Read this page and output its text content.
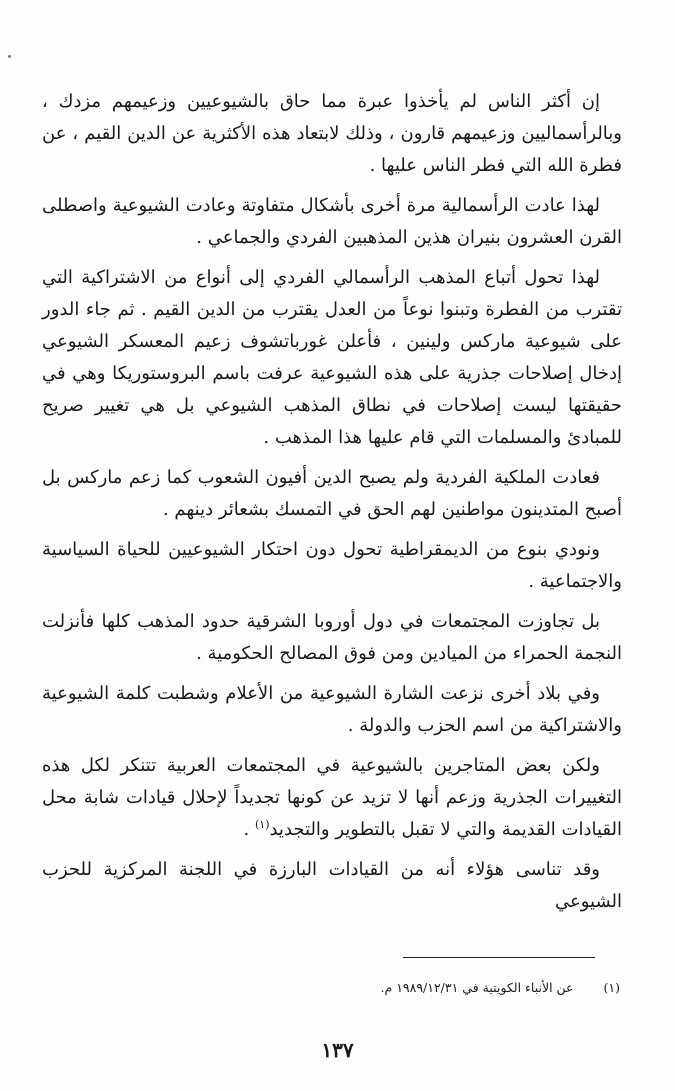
إن أكثر الناس لم يأخذوا عبرة مما حاق بالشيوعيين وزعيمهم مزدك ، وبالرأسماليين وزعيمهم قارون ، وذلك لابتعاد هذه الأكثرية عن الدين القيم ، عن فطرة الله التي فطر الناس عليها .

لهذا عادت الرأسمالية مرة أخرى بأشكال متفاوتة وعادت الشيوعية واصطلى القرن العشرون بنيران هذين المذهبين الفردي والجماعي .

لهذا تحول أتباع المذهب الرأسمالي الفردي إلى أنواع من الاشتراكية التي تقترب من الفطرة وتبنوا نوعاً من العدل يقترب من الدين القيم . ثم جاء الدور على شيوعية ماركس ولينين ، فأعلن غورباتشوف زعيم المعسكر الشيوعي إدخال إصلاحات جذرية على هذه الشيوعية عرفت باسم البروستوريكا وهي في حقيقتها ليست إصلاحات في نطاق المذهب الشيوعي بل هي تغيير صريح للمبادئ والمسلمات التي قام عليها هذا المذهب .

فعادت الملكية الفردية ولم يصبح الدين أفيون الشعوب كما زعم ماركس بل أصبح المتدينون مواطنين لهم الحق في التمسك بشعائر دينهم .

ونودي بنوع من الديمقراطية تحول دون احتكار الشيوعيين للحياة السياسية والاجتماعية .

بل تجاوزت المجتمعات في دول أوروبا الشرقية حدود المذهب كلها فأنزلت النجمة الحمراء من الميادين ومن فوق المصالح الحكومية .

وفي بلاد أخرى نزعت الشارة الشيوعية من الأعلام وشطبت كلمة الشيوعية والاشتراكية من اسم الحزب والدولة .

ولكن بعض المتاجرين بالشيوعية في المجتمعات العربية تتنكر لكل هذه التغييرات الجذرية وزعم أنها لا تزيد عن كونها تجديداً لإحلال قيادات شابة محل القيادات القديمة والتي لا تقبل بالتطوير والتجديد$^{(١)}$ .

وقد تناسى هؤلاء أنه من القيادات البارزة في اللجنة المركزية للحزب الشيوعي

(١)عن الأنباء الكويتية في ١٩٨٩/١٢/٣١ م.
١٣٧
